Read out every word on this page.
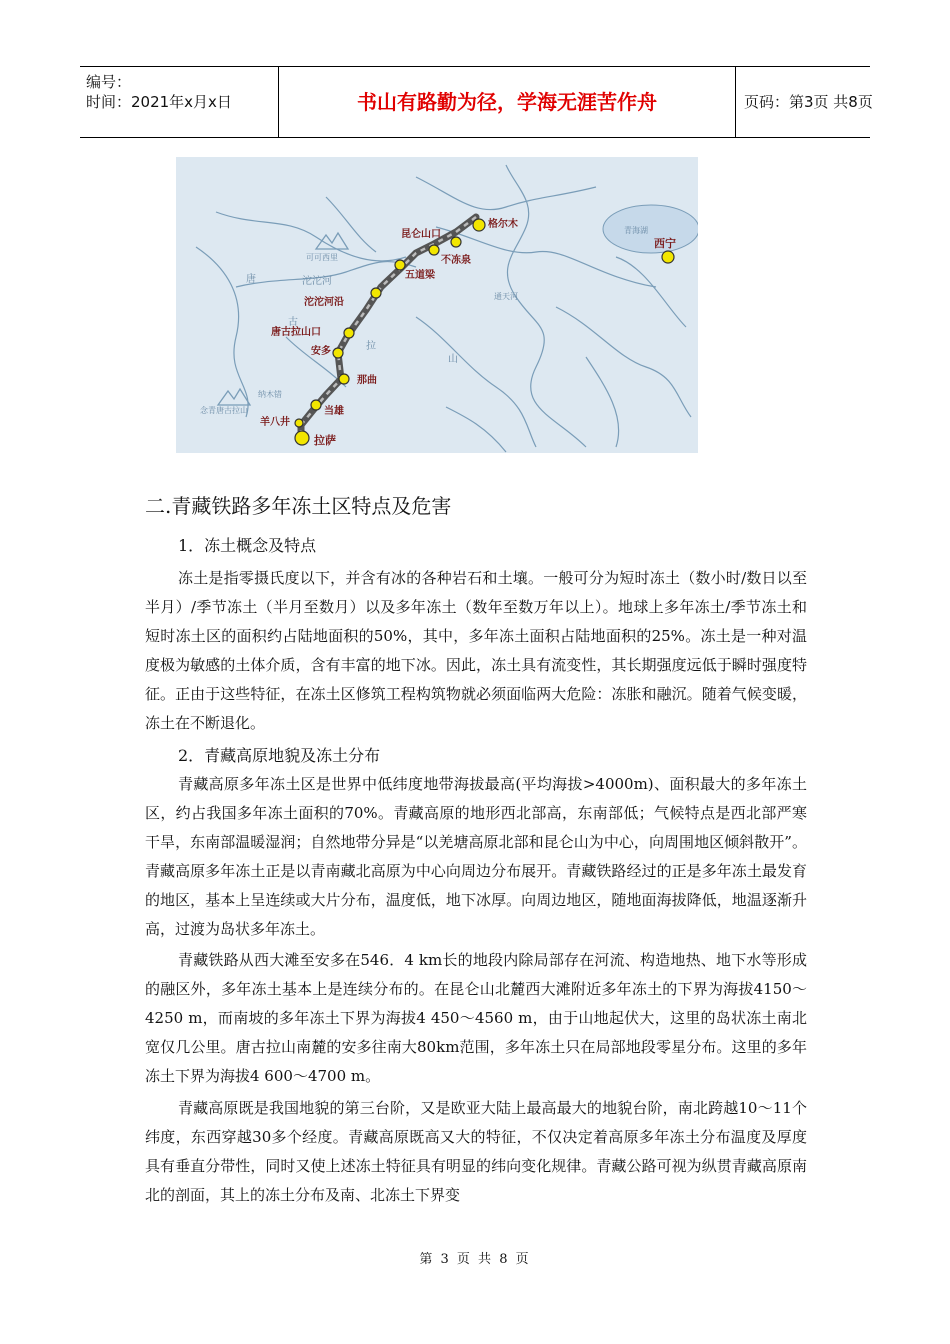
编号：
时间：2021年x月x日	书山有路勤为径，学海无涯苦作舟	页码：第3页 共8页
格尔木
昆仑山口
不冻泉
五道梁
沱沱河沿
唐古拉山口
安多
那曲
当雄
羊八井
拉萨
西宁
青海湖
可可西里
沱沱河
通天河
唐
古
拉
山
纳木错
念青唐古拉山
二.青藏铁路多年冻土区特点及危害
1．冻土概念及特点

冻土是指零摄氏度以下，并含有冰的各种岩石和土壤。一般可分为短时冻土（数小时/数日以至半月）/季节冻土（半月至数月）以及多年冻土（数年至数万年以上）。地球上多年冻土/季节冻土和短时冻土区的面积约占陆地面积的50%，其中，多年冻土面积占陆地面积的25%。冻土是一种对温度极为敏感的土体介质，含有丰富的地下冰。因此，冻土具有流变性，其长期强度远低于瞬时强度特征。正由于这些特征，在冻土区修筑工程构筑物就必须面临两大危险：冻胀和融沉。随着气候变暖，冻土在不断退化。

2．青藏高原地貌及冻土分布

青藏高原多年冻土区是世界中低纬度地带海拔最高(平均海拔>4000m)、面积最大的多年冻土区，约占我国多年冻土面积的70%。青藏高原的地形西北部高，东南部低；气候特点是西北部严寒干旱，东南部温暖湿润；自然地带分异是“以羌塘高原北部和昆仑山为中心，向周围地区倾斜散开”。青藏高原多年冻土正是以青南藏北高原为中心向周边分布展开。青藏铁路经过的正是多年冻土最发育的地区，基本上呈连续或大片分布，温度低，地下冰厚。向周边地区，随地面海拔降低，地温逐渐升高，过渡为岛状多年冻土。

青藏铁路从西大滩至安多在546．4 km长的地段内除局部存在河流、构造地热、地下水等形成的融区外，多年冻土基本上是连续分布的。在昆仑山北麓西大滩附近多年冻土的下界为海拔4150～4250 m，而南坡的多年冻土下界为海拔4 450～4560 m，由于山地起伏大，这里的岛状冻土南北宽仅几公里。唐古拉山南麓的安多往南大80km范围，多年冻土只在局部地段零星分布。这里的多年冻土下界为海拔4 600～4700 m。

青藏高原既是我国地貌的第三台阶，又是欧亚大陆上最高最大的地貌台阶，南北跨越10～11个纬度，东西穿越30多个经度。青藏高原既高又大的特征，不仅决定着高原多年冻土分布温度及厚度具有垂直分带性，同时又使上述冻土特征具有明显的纬向变化规律。青藏公路可视为纵贯青藏高原南北的剖面，其上的冻土分布及南、北冻土下界变

第 3 页 共 8 页
